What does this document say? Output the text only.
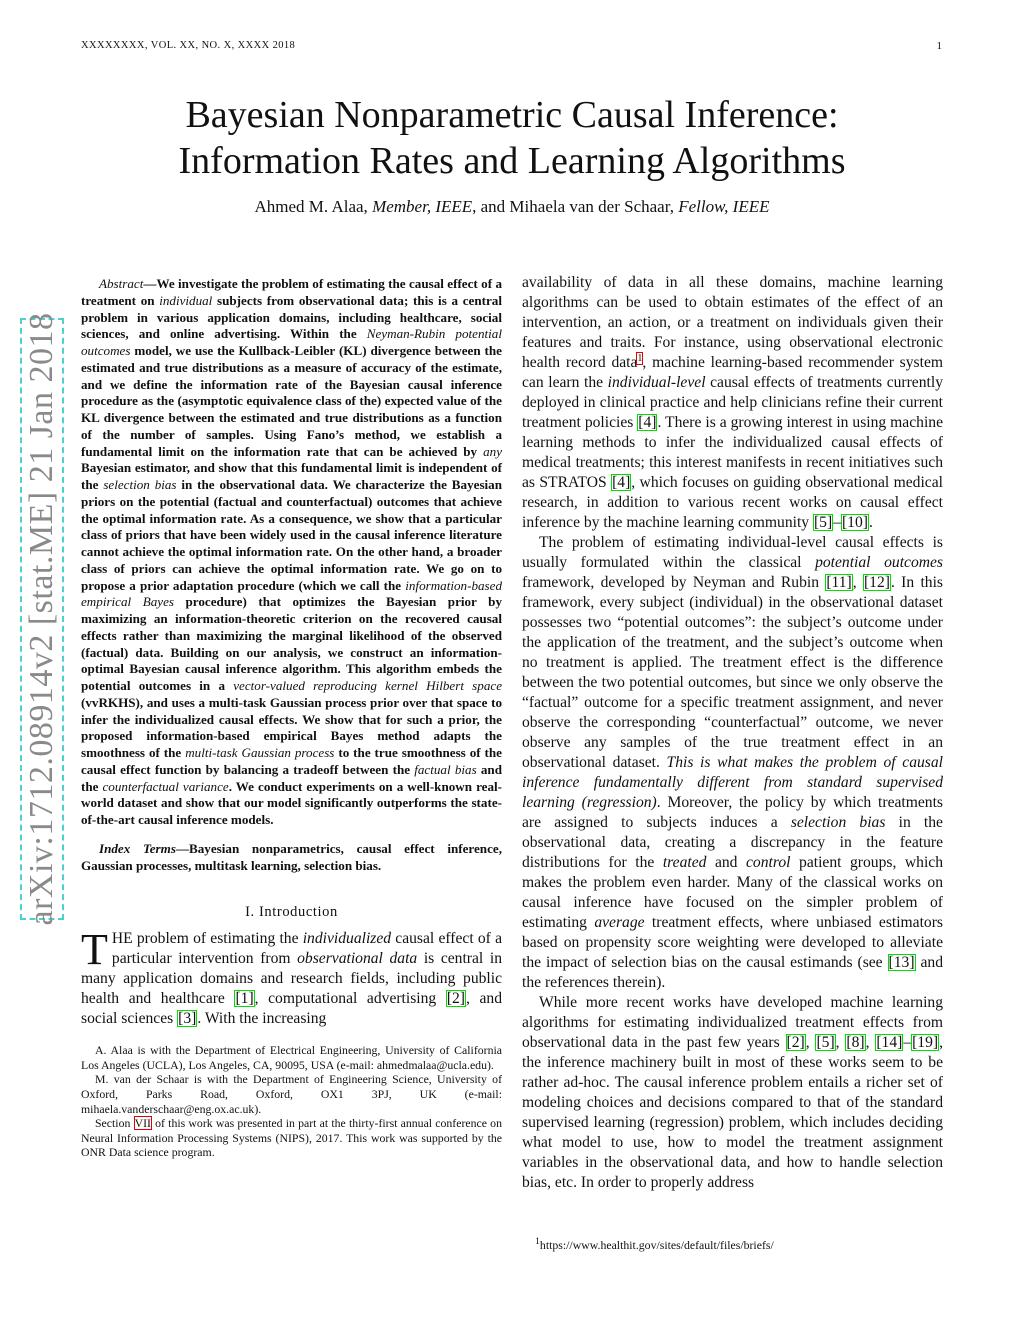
XXXXXXXX, VOL. XX, NO. X, XXXX 2018	1
Bayesian Nonparametric Causal Inference:
Information Rates and Learning Algorithms
Ahmed M. Alaa, Member, IEEE, and Mihaela van der Schaar, Fellow, IEEE
arXiv:1712.08914v2 [stat.ME] 21 Jan 2018

Abstract—We investigate the problem of estimating the causal effect of a treatment on individual subjects from observational data; this is a central problem in various application domains, including healthcare, social sciences, and online advertising. Within the Neyman-Rubin potential outcomes model, we use the Kullback-Leibler (KL) divergence between the estimated and true distributions as a measure of accuracy of the estimate, and we define the information rate of the Bayesian causal inference procedure as the (asymptotic equivalence class of the) expected value of the KL divergence between the estimated and true distributions as a function of the number of samples. Using Fano’s method, we establish a fundamental limit on the information rate that can be achieved by any Bayesian estimator, and show that this fundamental limit is independent of the selection bias in the observational data. We characterize the Bayesian priors on the potential (factual and counterfactual) outcomes that achieve the optimal information rate. As a consequence, we show that a particular class of priors that have been widely used in the causal inference literature cannot achieve the optimal information rate. On the other hand, a broader class of priors can achieve the optimal information rate. We go on to propose a prior adaptation procedure (which we call the information-based empirical Bayes procedure) that optimizes the Bayesian prior by maximizing an information-theoretic criterion on the recovered causal effects rather than maximizing the marginal likelihood of the observed (factual) data. Building on our analysis, we construct an information-optimal Bayesian causal inference algorithm. This algorithm embeds the potential outcomes in a vector-valued reproducing kernel Hilbert space (vvRKHS), and uses a multi-task Gaussian process prior over that space to infer the individualized causal effects. We show that for such a prior, the proposed information-based empirical Bayes method adapts the smoothness of the multi-task Gaussian process to the true smoothness of the causal effect function by balancing a tradeoff between the factual bias and the counterfactual variance. We conduct experiments on a well-known real-world dataset and show that our model significantly outperforms the state-of-the-art causal inference models.

Index Terms—Bayesian nonparametrics, causal effect inference, Gaussian processes, multitask learning, selection bias.

I. Introduction

THE problem of estimating the individualized causal effect of a particular intervention from observational data is central in many application domains and research fields, including public health and healthcare [1], computational advertising [2], and social sciences [3]. With the increasing

A. Alaa is with the Department of Electrical Engineering, University of California Los Angeles (UCLA), Los Angeles, CA, 90095, USA (e-mail: ahmedmalaa@ucla.edu).

M. van der Schaar is with the Department of Engineering Science, University of Oxford, Parks Road, Oxford, OX1 3PJ, UK (e-mail: mihaela.vanderschaar@eng.ox.ac.uk).

Section VII of this work was presented in part at the thirty-first annual conference on Neural Information Processing Systems (NIPS), 2017. This work was supported by the ONR Data science program.

availability of data in all these domains, machine learning algorithms can be used to obtain estimates of the effect of an intervention, an action, or a treatment on individuals given their features and traits. For instance, using observational electronic health record data$^1$, machine learning-based recommender system can learn the individual-level causal effects of treatments currently deployed in clinical practice and help clinicians refine their current treatment policies [4]. There is a growing interest in using machine learning methods to infer the individualized causal effects of medical treatments; this interest manifests in recent initiatives such as STRATOS [4], which focuses on guiding observational medical research, in addition to various recent works on causal effect inference by the machine learning community [5]–[10].

The problem of estimating individual-level causal effects is usually formulated within the classical potential outcomes framework, developed by Neyman and Rubin [11], [12]. In this framework, every subject (individual) in the observational dataset possesses two “potential outcomes”: the subject’s outcome under the application of the treatment, and the subject’s outcome when no treatment is applied. The treatment effect is the difference between the two potential outcomes, but since we only observe the “factual” outcome for a specific treatment assignment, and never observe the corresponding “counterfactual” outcome, we never observe any samples of the true treatment effect in an observational dataset. This is what makes the problem of causal inference fundamentally different from standard supervised learning (regression). Moreover, the policy by which treatments are assigned to subjects induces a selection bias in the observational data, creating a discrepancy in the feature distributions for the treated and control patient groups, which makes the problem even harder. Many of the classical works on causal inference have focused on the simpler problem of estimating average treatment effects, where unbiased estimators based on propensity score weighting were developed to alleviate the impact of selection bias on the causal estimands (see [13] and the references therein).

While more recent works have developed machine learning algorithms for estimating individualized treatment effects from observational data in the past few years [2], [5], [8], [14]–[19], the inference machinery built in most of these works seem to be rather ad-hoc. The causal inference problem entails a richer set of modeling choices and decisions compared to that of the standard supervised learning (regression) problem, which includes deciding what model to use, how to model the treatment assignment variables in the observational data, and how to handle selection bias, etc. In order to properly address

$^1$https://www.healthit.gov/sites/default/files/briefs/
